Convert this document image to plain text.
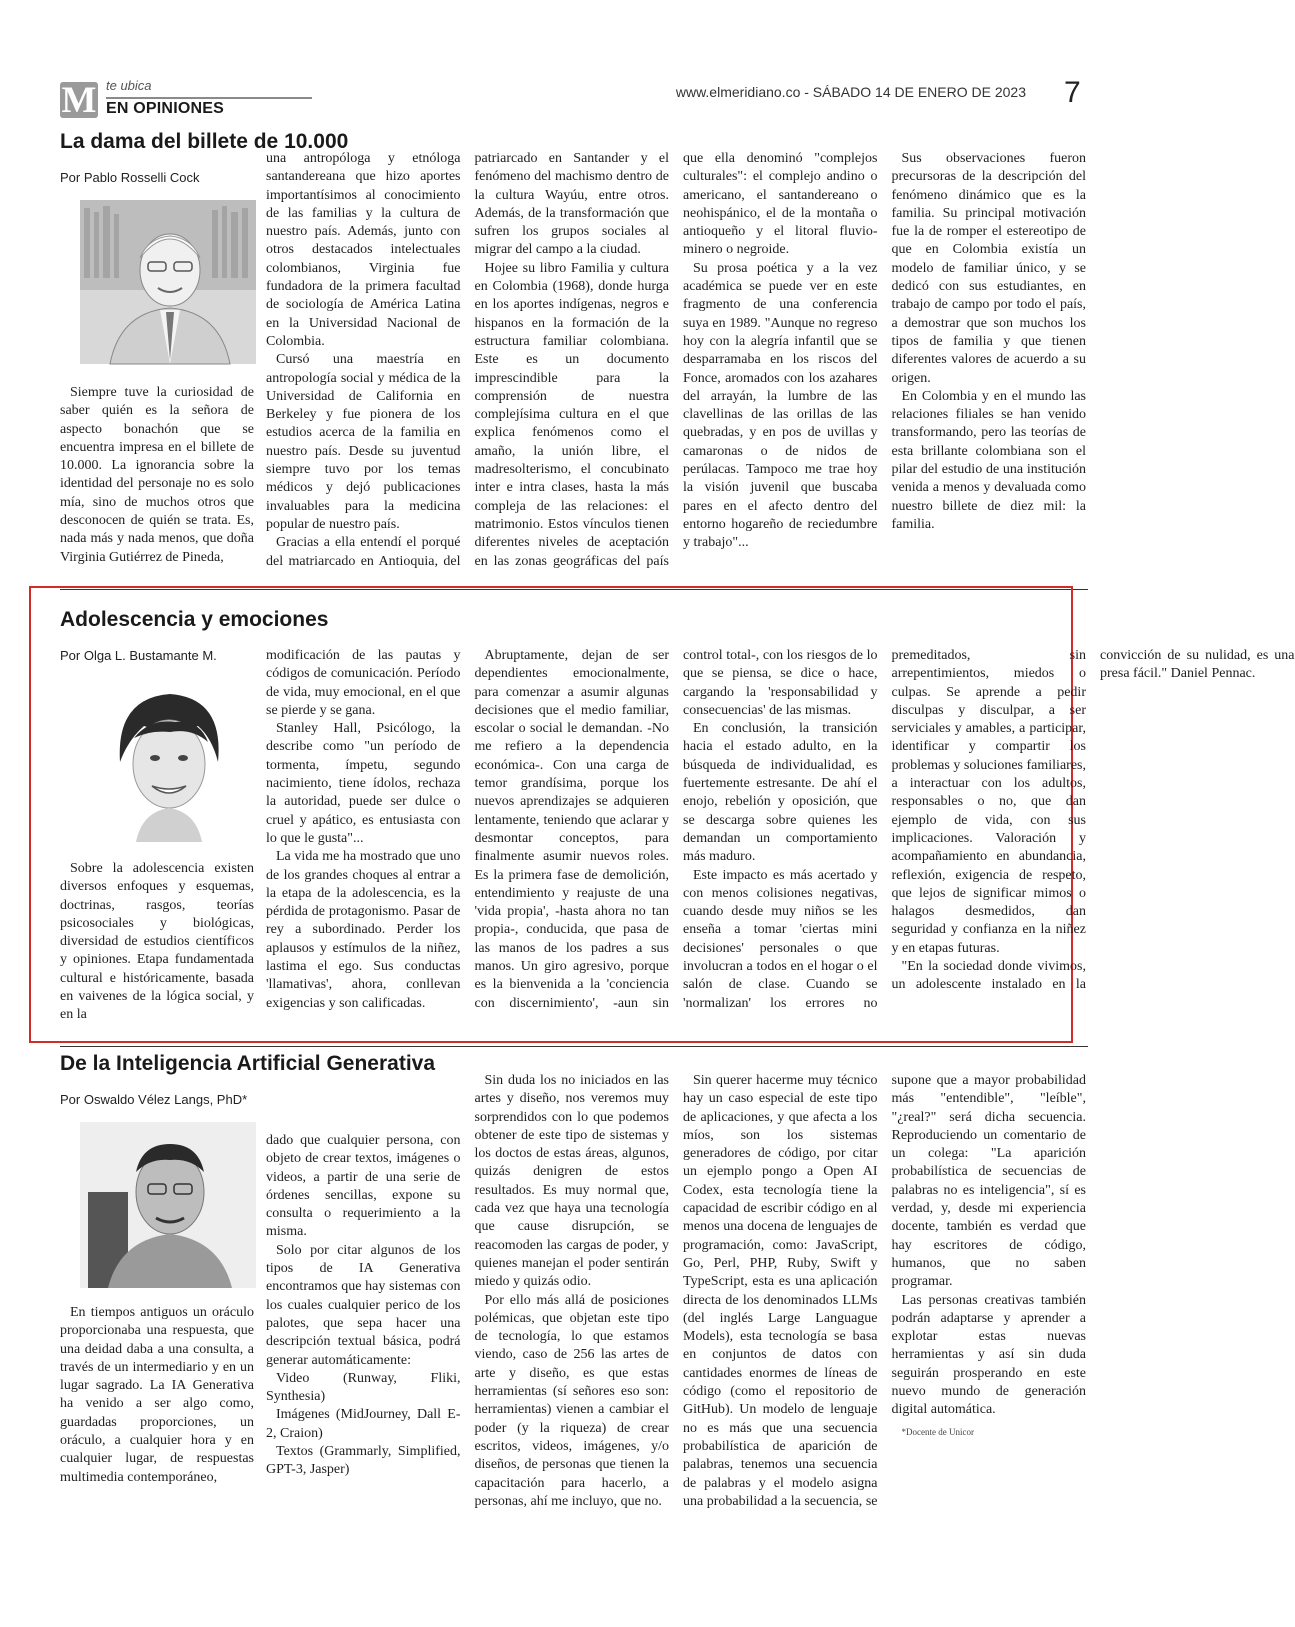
M te ubica
EN OPINIONES
www.elmeridiano.co - SÁBADO 14 DE ENERO DE 2023 7
La dama del billete de 10.000
Por Pablo Rosselli Cock

Siempre tuve la curiosidad de saber quién es la señora de aspecto bonachón que se encuentra impresa en el billete de 10.000. La ignorancia sobre la identidad del personaje no es solo mía, sino de muchos otros que desconocen de quién se trata. Es, nada más y nada menos, que doña Virginia Gutiérrez de Pineda,

una antropóloga y etnóloga santandereana que hizo aportes importantísimos al conocimiento de las familias y la cultura de nuestro país. Además, junto con otros destacados intelectuales colombianos, Virginia fue fundadora de la primera facultad de sociología de América Latina en la Universidad Nacional de Colombia.

Cursó una maestría en antropología social y médica de la Universidad de California en Berkeley y fue pionera de los estudios acerca de la familia en nuestro país. Desde su juventud siempre tuvo por los temas médicos y dejó publicaciones invaluables para la medicina popular de nuestro país.

Gracias a ella entendí el porqué del matriarcado en Antioquia, del patriarcado en Santander y el fenómeno del machismo dentro de la cultura Wayúu, entre otros. Además, de la transformación que sufren los grupos sociales al migrar del campo a la ciudad.

Hojee su libro Familia y cultura en Colombia (1968), donde hurga en los aportes indígenas, negros e hispanos en la formación de la estructura familiar colombiana. Este es un documento imprescindible para la comprensión de nuestra complejísima cultura en el que explica fenómenos como el amaño, la unión libre, el madresolterismo, el concubinato inter e intra clases, hasta la más compleja de las relaciones: el matrimonio. Estos vínculos tienen diferentes niveles de aceptación en las zonas geográficas del país que ella denominó "complejos culturales": el complejo andino o americano, el santandereano o neohispánico, el de la montaña o antioqueño y el litoral fluvio-minero o negroide.

Su prosa poética y a la vez académica se puede ver en este fragmento de una conferencia suya en 1989. "Aunque no regreso hoy con la alegría infantil que se desparramaba en los riscos del Fonce, aromados con los azahares del arrayán, la lumbre de las clavellinas de las orillas de las quebradas, y en pos de uvillas y camaronas o de nidos de perúlacas. Tampoco me trae hoy la visión juvenil que buscaba pares en el afecto dentro del entorno hogareño de reciedumbre y trabajo"...

Sus observaciones fueron precursoras de la descripción del fenómeno dinámico que es la familia. Su principal motivación fue la de romper el estereotipo de que en Colombia existía un modelo de familiar único, y se dedicó con sus estudiantes, en trabajo de campo por todo el país, a demostrar que son muchos los tipos de familia y que tienen diferentes valores de acuerdo a su origen.

En Colombia y en el mundo las relaciones filiales se han venido transformando, pero las teorías de esta brillante colombiana son el pilar del estudio de una institución venida a menos y devaluada como nuestro billete de diez mil: la familia.

Adolescencia y emociones
Por Olga L. Bustamante M.

Sobre la adolescencia existen diversos enfoques y esquemas, doctrinas, rasgos, teorías psicosociales y biológicas, diversidad de estudios científicos y opiniones. Etapa fundamentada cultural e históricamente, basada en vaivenes de la lógica social, y en la

modificación de las pautas y códigos de comunicación. Período de vida, muy emocional, en el que se pierde y se gana.

Stanley Hall, Psicólogo, la describe como "un período de tormenta, ímpetu, segundo nacimiento, tiene ídolos, rechaza la autoridad, puede ser dulce o cruel y apático, es entusiasta con lo que le gusta"...

La vida me ha mostrado que uno de los grandes choques al entrar a la etapa de la adolescencia, es la pérdida de protagonismo. Pasar de rey a subordinado. Perder los aplausos y estímulos de la niñez, lastima el ego. Sus conductas 'llamativas', ahora, conllevan exigencias y son calificadas.

Abruptamente, dejan de ser dependientes emocionalmente, para comenzar a asumir algunas decisiones que el medio familiar, escolar o social le demandan. -No me refiero a la dependencia económica-. Con una carga de temor grandísima, porque los nuevos aprendizajes se adquieren lentamente, teniendo que aclarar y desmontar conceptos, para finalmente asumir nuevos roles. Es la primera fase de demolición, entendimiento y reajuste de una 'vida propia', -hasta ahora no tan propia-, conducida, que pasa de las manos de los padres a sus manos. Un giro agresivo, porque es la bienvenida a la 'conciencia con discernimiento', -aun sin control total-, con los riesgos de lo que se piensa, se dice o hace, cargando la 'responsabilidad y consecuencias' de las mismas.

En conclusión, la transición hacia el estado adulto, en la búsqueda de individualidad, es fuertemente estresante. De ahí el enojo, rebelión y oposición, que se descarga sobre quienes les demandan un comportamiento más maduro.

Este impacto es más acertado y con menos colisiones negativas, cuando desde muy niños se les enseña a tomar 'ciertas mini decisiones' personales o que involucran a todos en el hogar o el salón de clase. Cuando se 'normalizan' los errores no premeditados, sin arrepentimientos, miedos o culpas. Se aprende a pedir disculpas y disculpar, a ser serviciales y amables, a participar, identificar y compartir los problemas y soluciones familiares, a interactuar con los adultos, responsables o no, que dan ejemplo de vida, con sus implicaciones. Valoración y acompañamiento en abundancia, reflexión, exigencia de respeto, que lejos de significar mimos o halagos desmedidos, dan seguridad y confianza en la niñez y en etapas futuras.

"En la sociedad donde vivimos, un adolescente instalado en la convicción de su nulidad, es una presa fácil." Daniel Pennac.

De la Inteligencia Artificial Generativa
Por Oswaldo Vélez Langs, PhD*

En tiempos antiguos un oráculo proporcionaba una respuesta, que una deidad daba a una consulta, a través de un intermediario y en un lugar sagrado. La IA Generativa ha venido a ser algo como, guardadas proporciones, un oráculo, a cualquier hora y en cualquier lugar, de respuestas multimedia contemporáneo,

dado que cualquier persona, con objeto de crear textos, imágenes o videos, a partir de una serie de órdenes sencillas, expone su consulta o requerimiento a la misma.

Solo por citar algunos de los tipos de IA Generativa encontramos que hay sistemas con los cuales cualquier perico de los palotes, que sepa hacer una descripción textual básica, podrá generar automáticamente:

Video (Runway, Fliki, Synthesia)

Imágenes (MidJourney, Dall E-2, Craion)

Textos (Grammarly, Simplified, GPT-3, Jasper)

Sin duda los no iniciados en las artes y diseño, nos veremos muy sorprendidos con lo que podemos obtener de este tipo de sistemas y los doctos de estas áreas, algunos, quizás denigren de estos resultados. Es muy normal que, cada vez que haya una tecnología que cause disrupción, se reacomoden las cargas de poder, y quienes manejan el poder sentirán miedo y quizás odio.

Por ello más allá de posiciones polémicas, que objetan este tipo de tecnología, lo que estamos viendo, caso de 256 las artes de arte y diseño, es que estas herramientas (sí señores eso son: herramientas) vienen a cambiar el poder (y la riqueza) de crear escritos, videos, imágenes, y/o diseños, de personas que tienen la capacitación para hacerlo, a personas, ahí me incluyo, que no.

Sin querer hacerme muy técnico hay un caso especial de este tipo de aplicaciones, y que afecta a los míos, son los sistemas generadores de código, por citar un ejemplo pongo a Open AI Codex, esta tecnología tiene la capacidad de escribir código en al menos una docena de lenguajes de programación, como: JavaScript, Go, Perl, PHP, Ruby, Swift y TypeScript, esta es una aplicación directa de los denominados LLMs (del inglés Large Languague Models), esta tecnología se basa en conjuntos de datos con cantidades enormes de líneas de código (como el repositorio de GitHub). Un modelo de lenguaje no es más que una secuencia probabilística de aparición de palabras, tenemos una secuencia de palabras y el modelo asigna una probabilidad a la secuencia, se supone que a mayor probabilidad más "entendible", "leíble", "¿real?" será dicha secuencia. Reproduciendo un comentario de un colega: "La aparición probabilística de secuencias de palabras no es inteligencia", sí es verdad, y, desde mi experiencia docente, también es verdad que hay escritores de código, humanos, que no saben programar.

Las personas creativas también podrán adaptarse y aprender a explotar estas nuevas herramientas y así sin duda seguirán prosperando en este nuevo mundo de generación digital automática.

*Docente de Unicor
